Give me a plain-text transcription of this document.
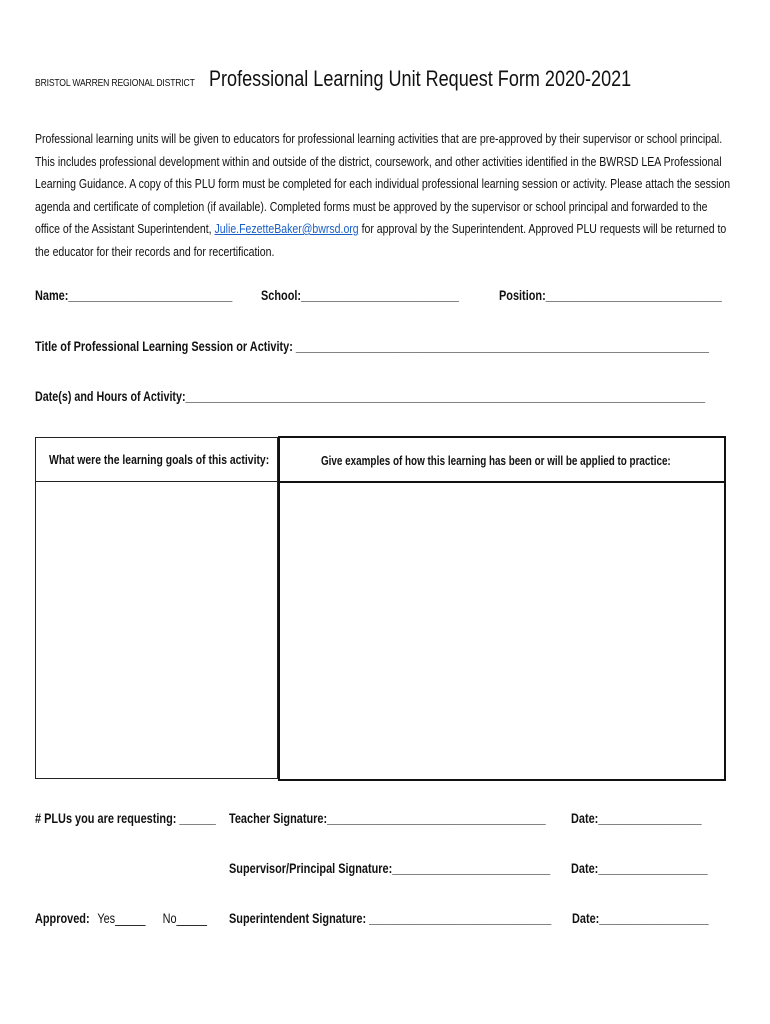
BRISTOL WARREN REGIONAL DISTRICT Professional Learning Unit Request Form 2020-2021
Professional learning units will be given to educators for professional learning activities that are pre-approved by their supervisor or school principal. This includes professional development within and outside of the district, coursework, and other activities identified in the BWRSD LEA Professional Learning Guidance. A copy of this PLU form must be completed for each individual professional learning session or activity. Please attach the session agenda and certificate of completion (if available). Completed forms must be approved by the supervisor or school principal and forwarded to the office of the Assistant Superintendent, Julie.FezetteBaker@bwrsd.org for approval by the Superintendent. Approved PLU requests will be returned to the educator for their records and for recertification.
Name:___________________________ School:__________________________	Position:_____________________________
Title of Professional Learning Session or Activity: ____________________________________________________________________
Date(s) and Hours of Activity:_______________________________________________________________________________________
What were the learning goals of this activity:	Give examples of how this learning has been or will be applied to practice:
# PLUs you are requesting: ______ Teacher Signature:____________________________________ Date:_________________
Supervisor/Principal Signature:__________________________ Date:__________________
Approved: Yes_____ No_____ Superintendent Signature: ______________________________ Date:__________________
